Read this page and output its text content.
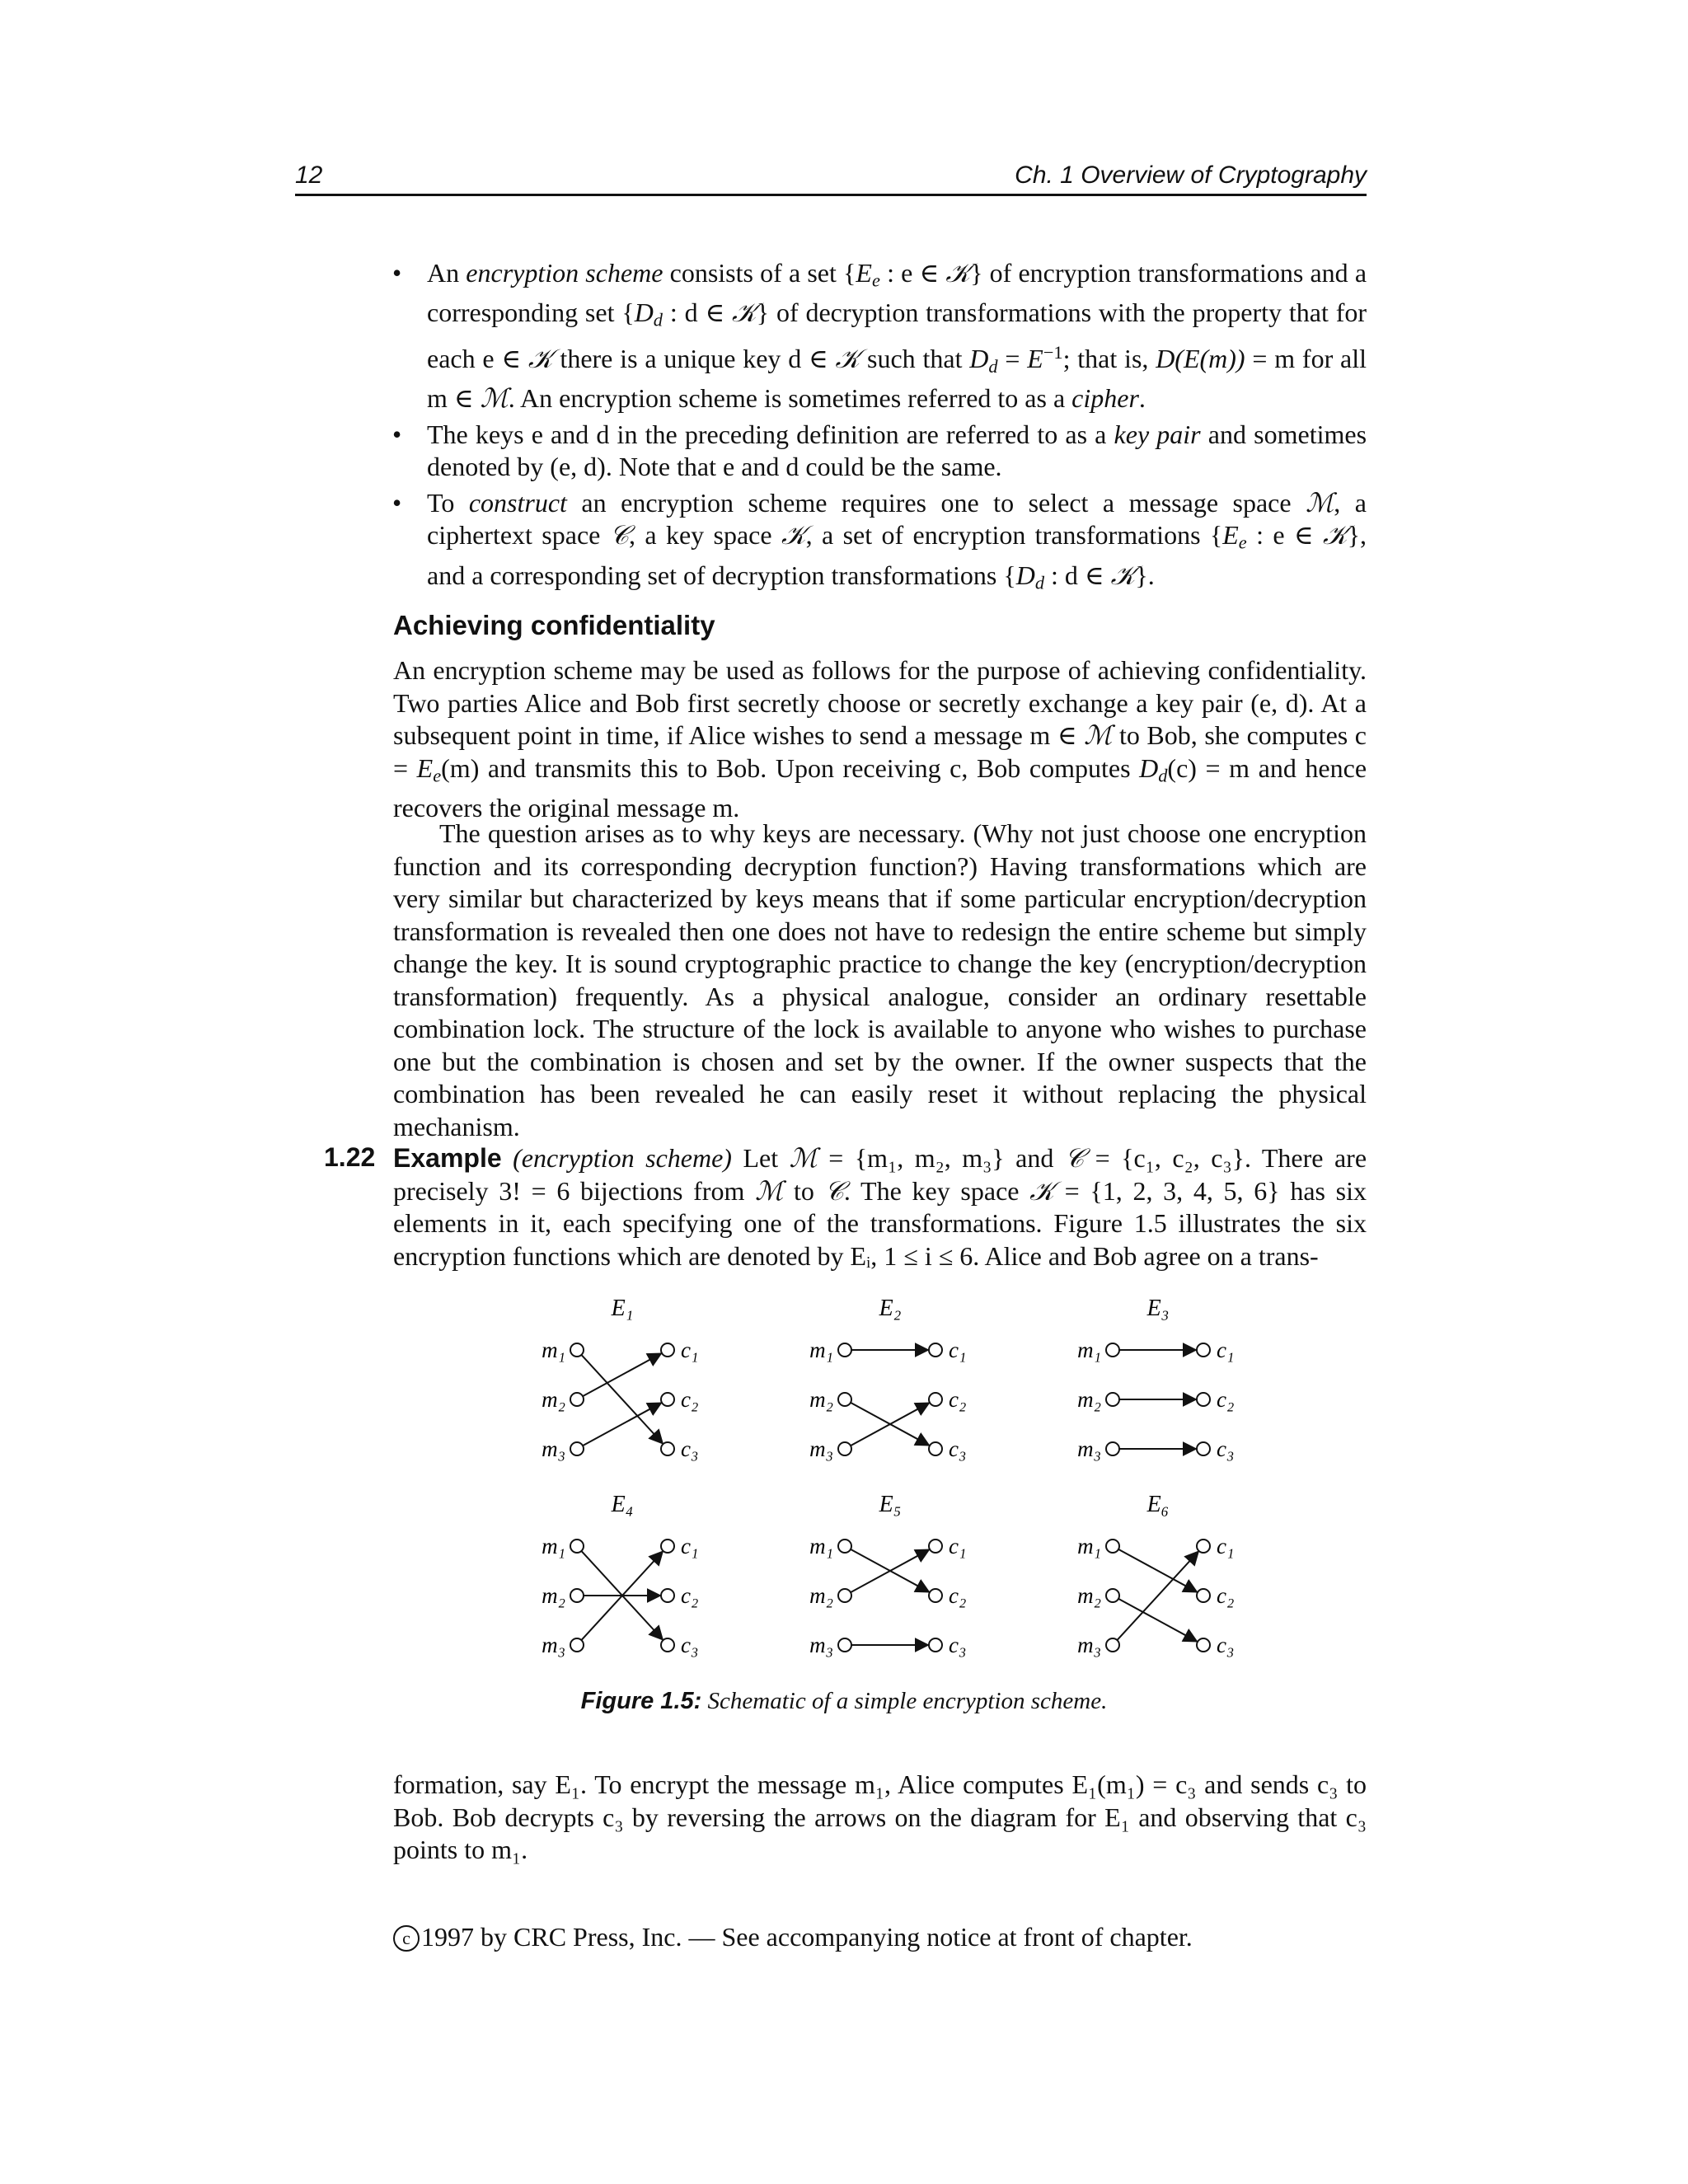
12	Ch. 1 Overview of Cryptography
• An encryption scheme consists of a set {$E_e$ : e ∈ 𝒦} of encryption transformations and a corresponding set {$D_d$ : d ∈ 𝒦} of decryption transformations with the property that for each e ∈ 𝒦 there is a unique key d ∈ 𝒦 such that $D_d = E^{-1}$; that is, D(E(m)) = m for all m ∈ ℳ. An encryption scheme is sometimes referred to as a cipher.
• The keys e and d in the preceding definition are referred to as a key pair and sometimes denoted by (e, d). Note that e and d could be the same.
• To construct an encryption scheme requires one to select a message space ℳ, a ciphertext space 𝒞, a key space 𝒦, a set of encryption transformations {$E_e$ : e ∈ 𝒦}, and a corresponding set of decryption transformations {$D_d$ : d ∈ 𝒦}.
Achieving confidentiality
An encryption scheme may be used as follows for the purpose of achieving confidentiality. Two parties Alice and Bob first secretly choose or secretly exchange a key pair (e, d). At a subsequent point in time, if Alice wishes to send a message m ∈ ℳ to Bob, she computes $c = E_e(m)$ and transmits this to Bob. Upon receiving c, Bob computes $D_d(c) = m$ and hence recovers the original message m.

The question arises as to why keys are necessary. (Why not just choose one encryption function and its corresponding decryption function?) Having transformations which are very similar but characterized by keys means that if some particular encryption/decryption transformation is revealed then one does not have to redesign the entire scheme but simply change the key. It is sound cryptographic practice to change the key (encryption/decryption transformation) frequently. As a physical analogue, consider an ordinary resettable combination lock. The structure of the lock is available to anyone who wishes to purchase one but the combination is chosen and set by the owner. If the owner suspects that the combination has been revealed he can easily reset it without replacing the physical mechanism.

1.22 Example (encryption scheme) Let ℳ = {m₁, m₂, m₃} and 𝒞 = {c₁, c₂, c₃}. There are precisely 3! = 6 bijections from ℳ to 𝒞. The key space 𝒦 = {1, 2, 3, 4, 5, 6} has six elements in it, each specifying one of the transformations. Figure 1.5 illustrates the six encryption functions which are denoted by Eᵢ, 1 ≤ i ≤ 6. Alice and Bob agree on a trans-
E₁
m₁	c₁
m₂	c₂
m₃	c₃
E₂
m₁	c₁
m₂	c₂
m₃	c₃
E₃
m₁	c₁
m₂	c₂
m₃	c₃
E₄
m₁	c₁
m₂	c₂
m₃	c₃
E₅
m₁	c₁
m₂	c₂
m₃	c₃
E₆
m₁	c₁
m₂	c₂
m₃	c₃
Figure 1.5: Schematic of a simple encryption scheme.
formation, say E₁. To encrypt the message m₁, Alice computes E₁(m₁) = c₃ and sends c₃ to Bob. Bob decrypts c₃ by reversing the arrows on the diagram for E₁ and observing that c₃ points to m₁.
c 1997 by CRC Press, Inc. — See accompanying notice at front of chapter.
